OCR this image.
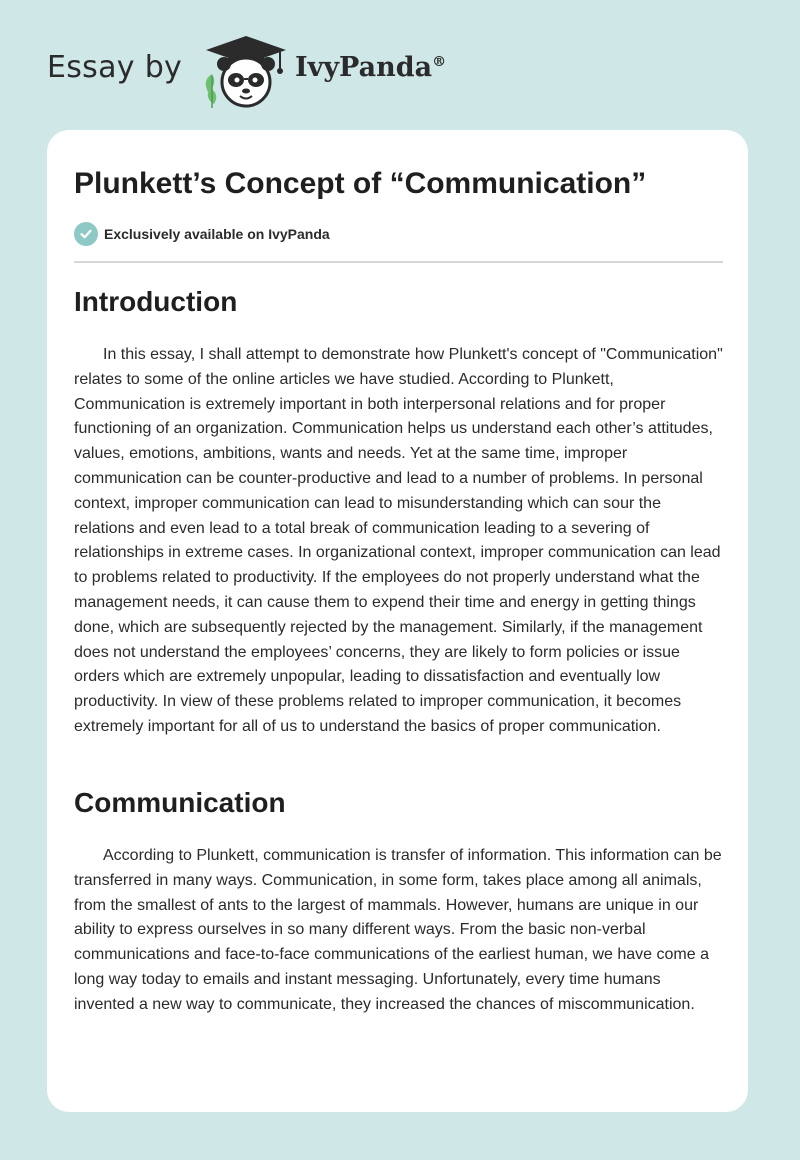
Essay by	IvyPanda®
Plunkett’s Concept of “Communication”
Exclusively available on IvyPanda
Introduction

In this essay, I shall attempt to demonstrate how Plunkett's concept of "Communication" relates to some of the online articles we have studied. According to Plunkett, Communication is extremely important in both interpersonal relations and for proper functioning of an organization. Communication helps us understand each other’s attitudes, values, emotions, ambitions, wants and needs. Yet at the same time, improper communication can be counter-productive and lead to a number of problems. In personal context, improper communication can lead to misunderstanding which can sour the relations and even lead to a total break of communication leading to a severing of relationships in extreme cases. In organizational context, improper communication can lead to problems related to productivity. If the employees do not properly understand what the management needs, it can cause them to expend their time and energy in getting things done, which are subsequently rejected by the management. Similarly, if the management does not understand the employees’ concerns, they are likely to form policies or issue orders which are extremely unpopular, leading to dissatisfaction and eventually low productivity. In view of these problems related to improper communication, it becomes extremely important for all of us to understand the basics of proper communication.

Communication

According to Plunkett, communication is transfer of information. This information can be transferred in many ways. Communication, in some form, takes place among all animals, from the smallest of ants to the largest of mammals. However, humans are unique in our ability to express ourselves in so many different ways. From the basic non-verbal communications and face-to-face communications of the earliest human, we have come a long way today to emails and instant messaging. Unfortunately, every time humans invented a new way to communicate, they increased the chances of miscommunication.
